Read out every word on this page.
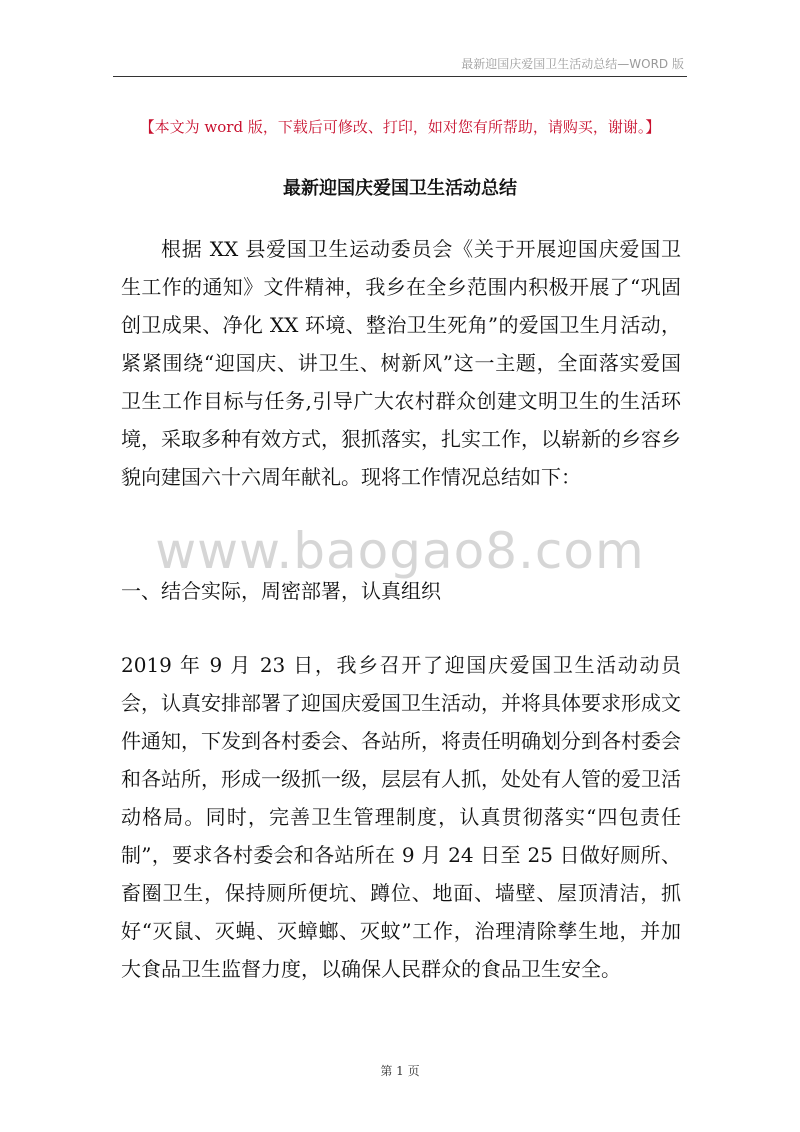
最新迎国庆爱国卫生活动总结—WORD 版
【本文为 word 版，下载后可修改、打印，如对您有所帮助，请购买，谢谢。】
最新迎国庆爱国卫生活动总结

根据 XX 县爱国卫生运动委员会《关于开展迎国庆爱国卫生工作的通知》文件精神，我乡在全乡范围内积极开展了“巩固创卫成果、净化 XX 环境、整治卫生死角”的爱国卫生月活动，紧紧围绕“迎国庆、讲卫生、树新风”这一主题，全面落实爱国卫生工作目标与任务,引导广大农村群众创建文明卫生的生活环境，采取多种有效方式，狠抓落实，扎实工作，以崭新的乡容乡貌向建国六十六周年献礼。现将工作情况总结如下：

www.baogao8.com
一、结合实际，周密部署，认真组织

2019 年 9 月 23 日，我乡召开了迎国庆爱国卫生活动动员会，认真安排部署了迎国庆爱国卫生活动，并将具体要求形成文件通知，下发到各村委会、各站所，将责任明确划分到各村委会和各站所，形成一级抓一级，层层有人抓，处处有人管的爱卫活动格局。同时，完善卫生管理制度，认真贯彻落实“四包责任制”，要求各村委会和各站所在 9 月 24 日至 25 日做好厕所、畜圈卫生，保持厕所便坑、蹲位、地面、墙壁、屋顶清洁，抓好“灭鼠、灭蝇、灭蟑螂、灭蚊”工作，治理清除孳生地，并加大食品卫生监督力度，以确保人民群众的食品卫生安全。

第 1 页
